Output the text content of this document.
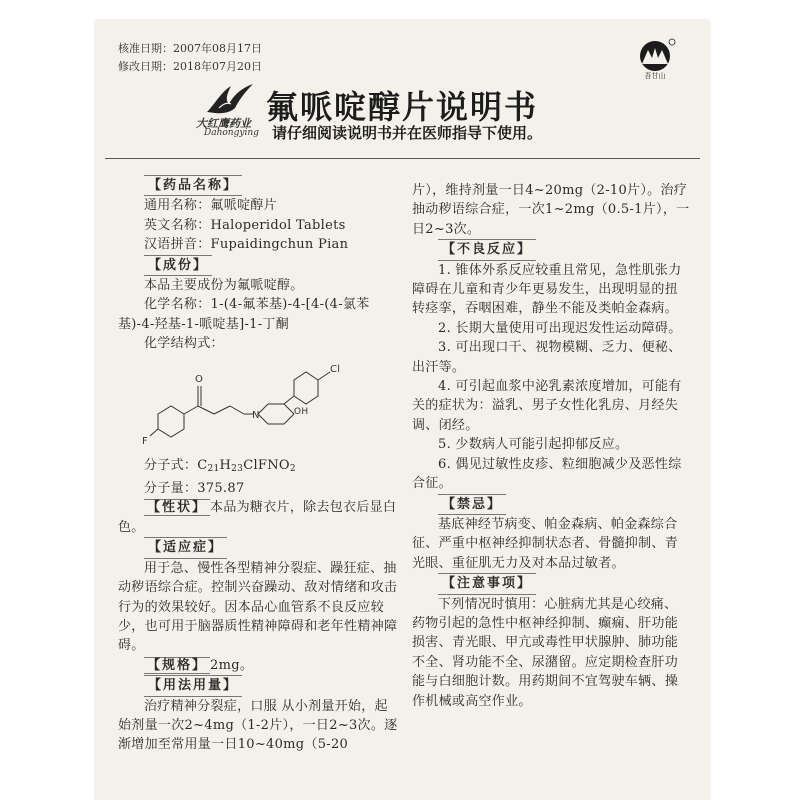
核准日期：2007年08月17日
修改日期：2018年07月20日
大红鹰药业
Dahongying
氟哌啶醇片说明书
请仔细阅读说明书并在医师指导下使用。
吾甘山

【药品名称】

通用名称：氟哌啶醇片

英文名称：Haloperidol Tablets

汉语拼音：Fupaidingchun Pian

【成份】

本品主要成份为氟哌啶醇。

化学名称：1-(4-氟苯基)-4-[4-(4-氯苯基)-4-羟基-1-哌啶基]-1-丁酮

化学结构式：

O
Cl
F
N	OH

分子式：$C_{21}H_{23}ClFNO_2$

分子量：375.87

【性状】 本品为糖衣片，除去包衣后显白色。

【适应症】

用于急、慢性各型精神分裂症、躁狂症、抽动秽语综合症。控制兴奋躁动、敌对情绪和攻击行为的效果较好。因本品心血管系不良反应较少，也可用于脑器质性精神障碍和老年性精神障碍。

【规格】 2mg。

【用法用量】

治疗精神分裂症，口服 从小剂量开始，起始剂量一次2~4mg（1-2片），一日2~3次。逐渐增加至常用量一日10~40mg（5-20

片），维持剂量一日4~20mg（2-10片）。治疗抽动秽语综合症，一次1~2mg（0.5-1片），一日2~3次。

【不良反应】

1. 锥体外系反应较重且常见，急性肌张力障碍在儿童和青少年更易发生，出现明显的扭转痉挛，吞咽困难，静坐不能及类帕金森病。

2. 长期大量使用可出现迟发性运动障碍。

3. 可出现口干、视物模糊、乏力、便秘、出汗等。

4. 可引起血浆中泌乳素浓度增加，可能有关的症状为：溢乳、男子女性化乳房、月经失调、闭经。

5. 少数病人可能引起抑郁反应。

6. 偶见过敏性皮疹、粒细胞减少及恶性综合征。

【禁忌】

基底神经节病变、帕金森病、帕金森综合征、严重中枢神经抑制状态者、骨髓抑制、青光眼、重征肌无力及对本品过敏者。

【注意事项】

下列情况时慎用：心脏病尤其是心绞痛、药物引起的急性中枢神经抑制、癫痫、肝功能损害、青光眼、甲亢或毒性甲状腺肿、肺功能不全、肾功能不全、尿潴留。应定期检查肝功能与白细胞计数。用药期间不宜驾驶车辆、操作机械或高空作业。
